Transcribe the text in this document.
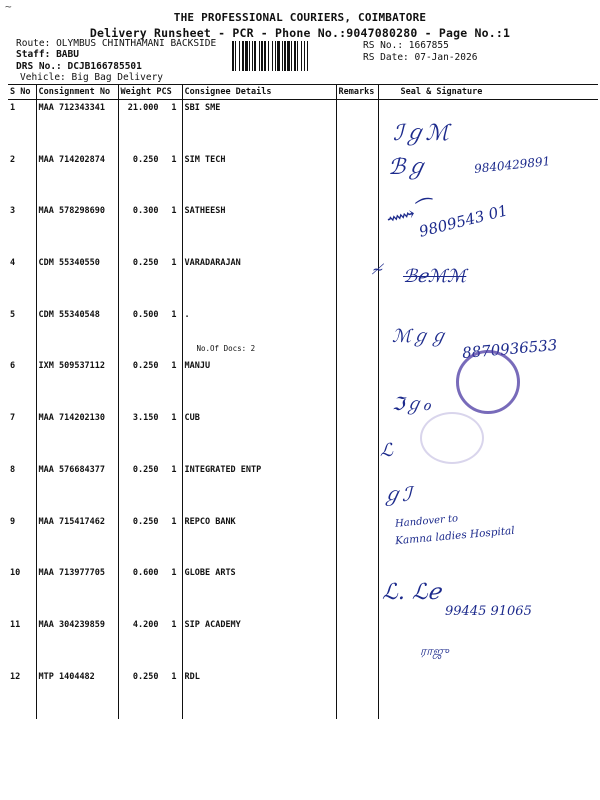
~
THE PROFESSIONAL COURIERS, COIMBATORE
Delivery Runsheet - PCR - Phone No.:9047080280 - Page No.:1
Route: OLYMBUS CHINTHAMANI BACKSIDE
Staff: BABU
DRS No.: DCJB166785501
Vehicle: Big Bag Delivery
RS No.: 1667855
RS Date: 07-Jan-2026
S No	Consignment No	Weight PCS	Consignee Details	Remarks	Seal & Signature
1	MAA 712343341	21.000 1	SBI SME		
2	MAA 714202874	0.250 1	SIM TECH		
3	MAA 578298690	0.300 1	SATHEESH		
4	CDM 55340550	0.250 1	VARADARAJAN		
5	CDM 55340548	0.500 1	.
No.Of Docs: 2		

6	IXM 509537112	0.250 1	MANJU		
7	MAA 714202130	3.150 1	CUB		
8	MAA 576684377	0.250 1	INTEGRATED ENTP		
9	MAA 715417462	0.250 1	REPCO BANK		
10	MAA 713977705	0.600 1	GLOBE ARTS		
11	MAA 304239859	4.200 1	SIP ACADEMY		
12	MTP 1404482	0.250 1	RDL		
ℐℊℳ
ℬℊ	9840429891
⟿⁀
9809543 01
≁ ℬℯℳℳ
ℳℊℊ 8870936533
ℑℊℴ
ℒ
ℊℐ
Handover to
Kamna ladies Hospital
ℒ. ℒℯ
99445 91065
ராஜு
